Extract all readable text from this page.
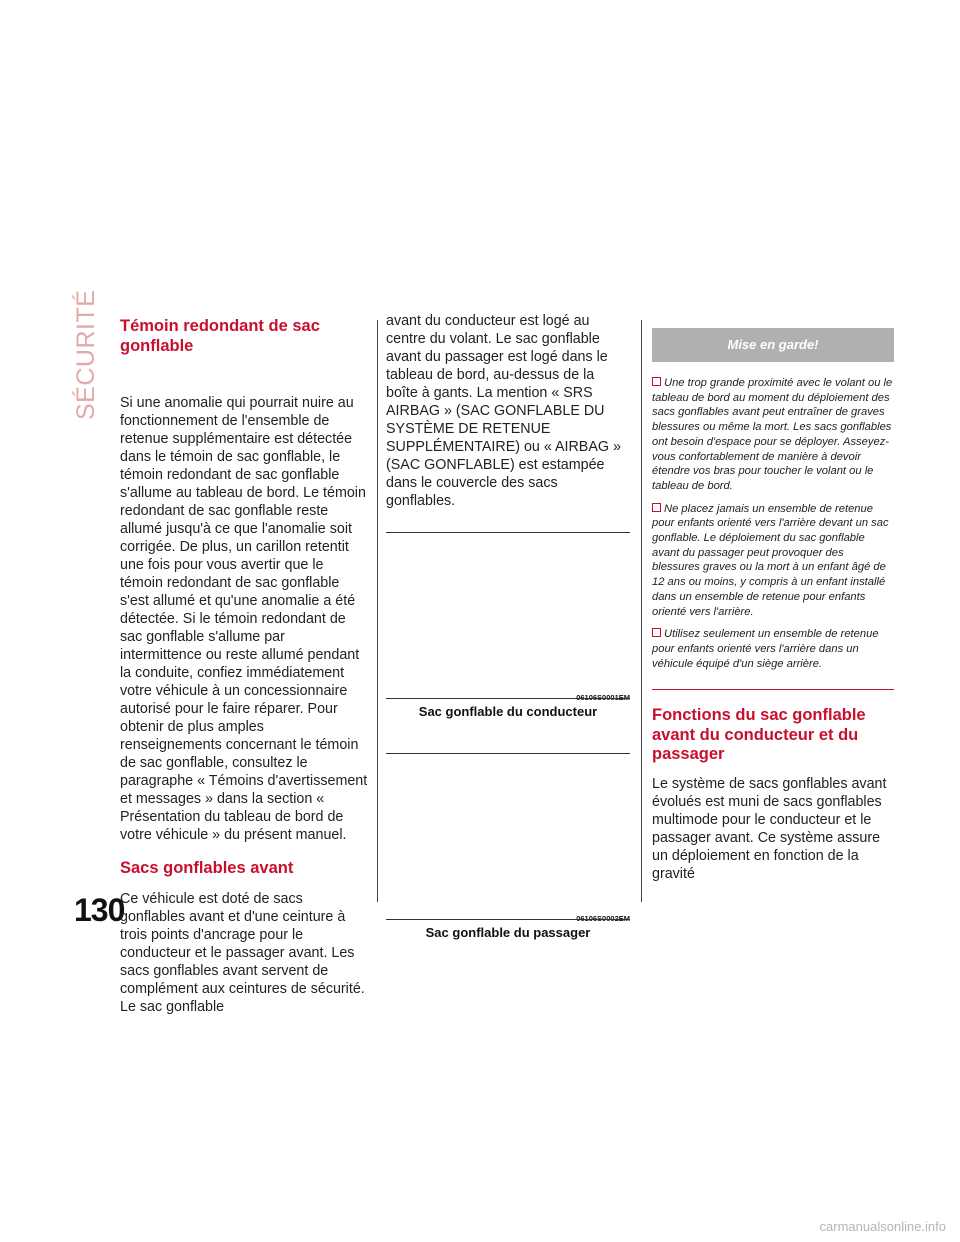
SÉCURITÉ
130
Témoin redondant de sac gonflable

Si une anomalie qui pourrait nuire au fonctionnement de l'ensemble de retenue supplémentaire est détectée dans le témoin de sac gonflable, le témoin redondant de sac gonflable s'allume au tableau de bord. Le témoin redondant de sac gonflable reste allumé jusqu'à ce que l'anomalie soit corrigée. De plus, un carillon retentit une fois pour vous avertir que le témoin redondant de sac gonflable s'est allumé et qu'une anomalie a été détectée. Si le témoin redondant de sac gonflable s'allume par intermittence ou reste allumé pendant la conduite, confiez immédiatement votre véhicule à un concessionnaire autorisé pour le faire réparer. Pour obtenir de plus amples renseignements concernant le témoin de sac gonflable, consultez le paragraphe « Témoins d'avertissement et messages » dans la section « Présentation du tableau de bord de votre véhicule » du présent manuel.

Sacs gonflables avant

Ce véhicule est doté de sacs gonflables avant et d'une ceinture à trois points d'ancrage pour le conducteur et le passager avant. Les sacs gonflables avant servent de complément aux ceintures de sécurité. Le sac gonflable

avant du conducteur est logé au centre du volant. Le sac gonflable avant du passager est logé dans le tableau de bord, au-dessus de la boîte à gants. La mention « SRS AIRBAG » (SAC GONFLABLE DU SYSTÈME DE RETENUE SUPPLÉMENTAIRE) ou « AIRBAG » (SAC GONFLABLE) est estampée dans le couvercle des sacs gonflables.

06106S0001EM
Sac gonflable du conducteur
06106S0002EM
Sac gonflable du passager
Mise en garde!

Une trop grande proximité avec le volant ou le tableau de bord au moment du déploiement des sacs gonflables avant peut entraîner de graves blessures ou même la mort. Les sacs gonflables ont besoin d'espace pour se déployer. Asseyez-vous confortablement de manière à devoir étendre vos bras pour toucher le volant ou le tableau de bord.

Ne placez jamais un ensemble de retenue pour enfants orienté vers l'arrière devant un sac gonflable. Le déploiement du sac gonflable avant du passager peut provoquer des blessures graves ou la mort à un enfant âgé de 12 ans ou moins, y compris à un enfant installé dans un ensemble de retenue pour enfants orienté vers l'arrière.

Utilisez seulement un ensemble de retenue pour enfants orienté vers l'arrière dans un véhicule équipé d'un siège arrière.

Fonctions du sac gonflable avant du conducteur et du passager

Le système de sacs gonflables avant évolués est muni de sacs gonflables multimode pour le conducteur et le passager avant. Ce système assure un déploiement en fonction de la gravité

carmanualsonline.info
